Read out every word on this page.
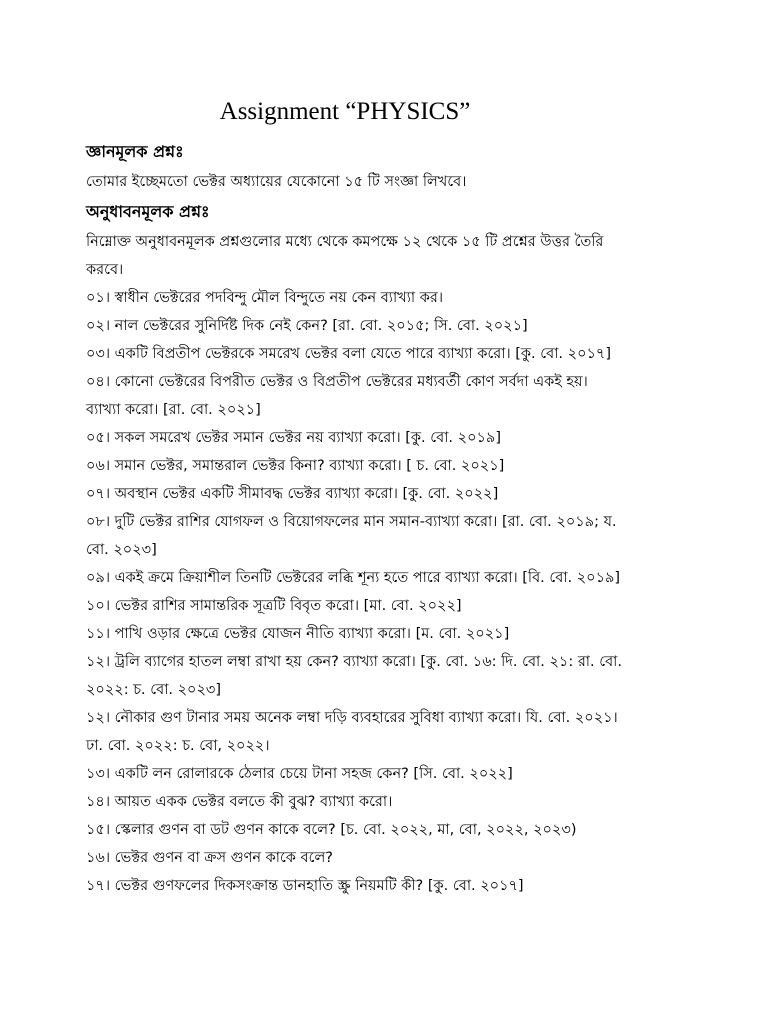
Assignment “PHYSICS”
জ্ঞানমূলক প্রশ্নঃ
তোমার ইচ্ছেমতো ভেক্টর অধ্যায়ের যেকোনো ১৫ টি সংজ্ঞা লিখবে।
অনুধাবনমূলক প্রশ্নঃ
নিম্নোক্ত অনুধাবনমূলক প্রশ্নগুলোর মধ্যে থেকে কমপক্ষে ১২ থেকে ১৫ টি প্রশ্নের উত্তর তৈরি
করবে।
০১। স্বাধীন ভেক্টরের পদবিন্দু মৌল বিন্দুতে নয় কেন ব্যাখ্যা কর।
০২। নাল ভেক্টরের সুনির্দিষ্ট দিক নেই কেন? [রা. বো. ২০১৫; সি. বো. ২০২১]
০৩। একটি বিপ্রতীপ ভেক্টরকে সমরেখ ভেক্টর বলা যেতে পারে ব্যাখ্যা করো। [কু. বো. ২০১৭]
০৪। কোনো ভেক্টরের বিপরীত ভেক্টর ও বিপ্রতীপ ভেক্টরের মধ্যবর্তী কোণ সর্বদা একই হয়।
ব্যাখ্যা করো। [রা. বো. ২০২১]
০৫। সকল সমরেখ ভেক্টর সমান ভেক্টর নয় ব্যাখ্যা করো। [কু. বো. ২০১৯]
০৬। সমান ভেক্টর, সমান্তরাল ভেক্টর কিনা? ব্যাখ্যা করো। [ চ. বো. ২০২১]
০৭। অবস্থান ভেক্টর একটি সীমাবদ্ধ ভেক্টর ব্যাখ্যা করো। [কু. বো. ২০২২]
০৮। দুটি ভেক্টর রাশির যোগফল ও বিয়োগফলের মান সমান-ব্যাখ্যা করো। [রা. বো. ২০১৯; য.
বো. ২০২৩]
০৯। একই ক্রমে ক্রিয়াশীল তিনটি ভেক্টরের লব্ধি শূন্য হতে পারে ব্যাখ্যা করো। [বি. বো. ২০১৯]
১০। ভেক্টর রাশির সামান্তরিক সূত্রটি বিবৃত করো। [মা. বো. ২০২২]
১১। পাখি ওড়ার ক্ষেত্রে ভেক্টর যোজন নীতি ব্যাখ্যা করো। [ম. বো. ২০২১]
১২। ট্রলি ব্যাগের হাতল লম্বা রাখা হয় কেন? ব্যাখ্যা করো। [কু. বো. ১৬: দি. বো. ২১: রা. বো.
২০২২: চ. বো. ২০২৩]
১২। নৌকার গুণ টানার সময় অনেক লম্বা দড়ি ব্যবহারের সুবিধা ব্যাখ্যা করো। যি. বো. ২০২১।
ঢা. বো. ২০২২: চ. বো, ২০২২।
১৩। একটি লন রোলারকে ঠেলার চেয়ে টানা সহজ কেন? [সি. বো. ২০২২]
১৪। আয়ত একক ভেক্টর বলতে কী বুঝ? ব্যাখ্যা করো।
১৫। স্কেলার গুণন বা ডট গুণন কাকে বলে? [চ. বো. ২০২২, মা, বো, ২০২২, ২০২৩)
১৬। ভেক্টর গুণন বা ক্রস গুণন কাকে বলে?
১৭। ভেক্টর গুণফলের দিকসংক্রান্ত ডানহাতি স্ক্রু নিয়মটি কী? [কু. বো. ২০১৭]
